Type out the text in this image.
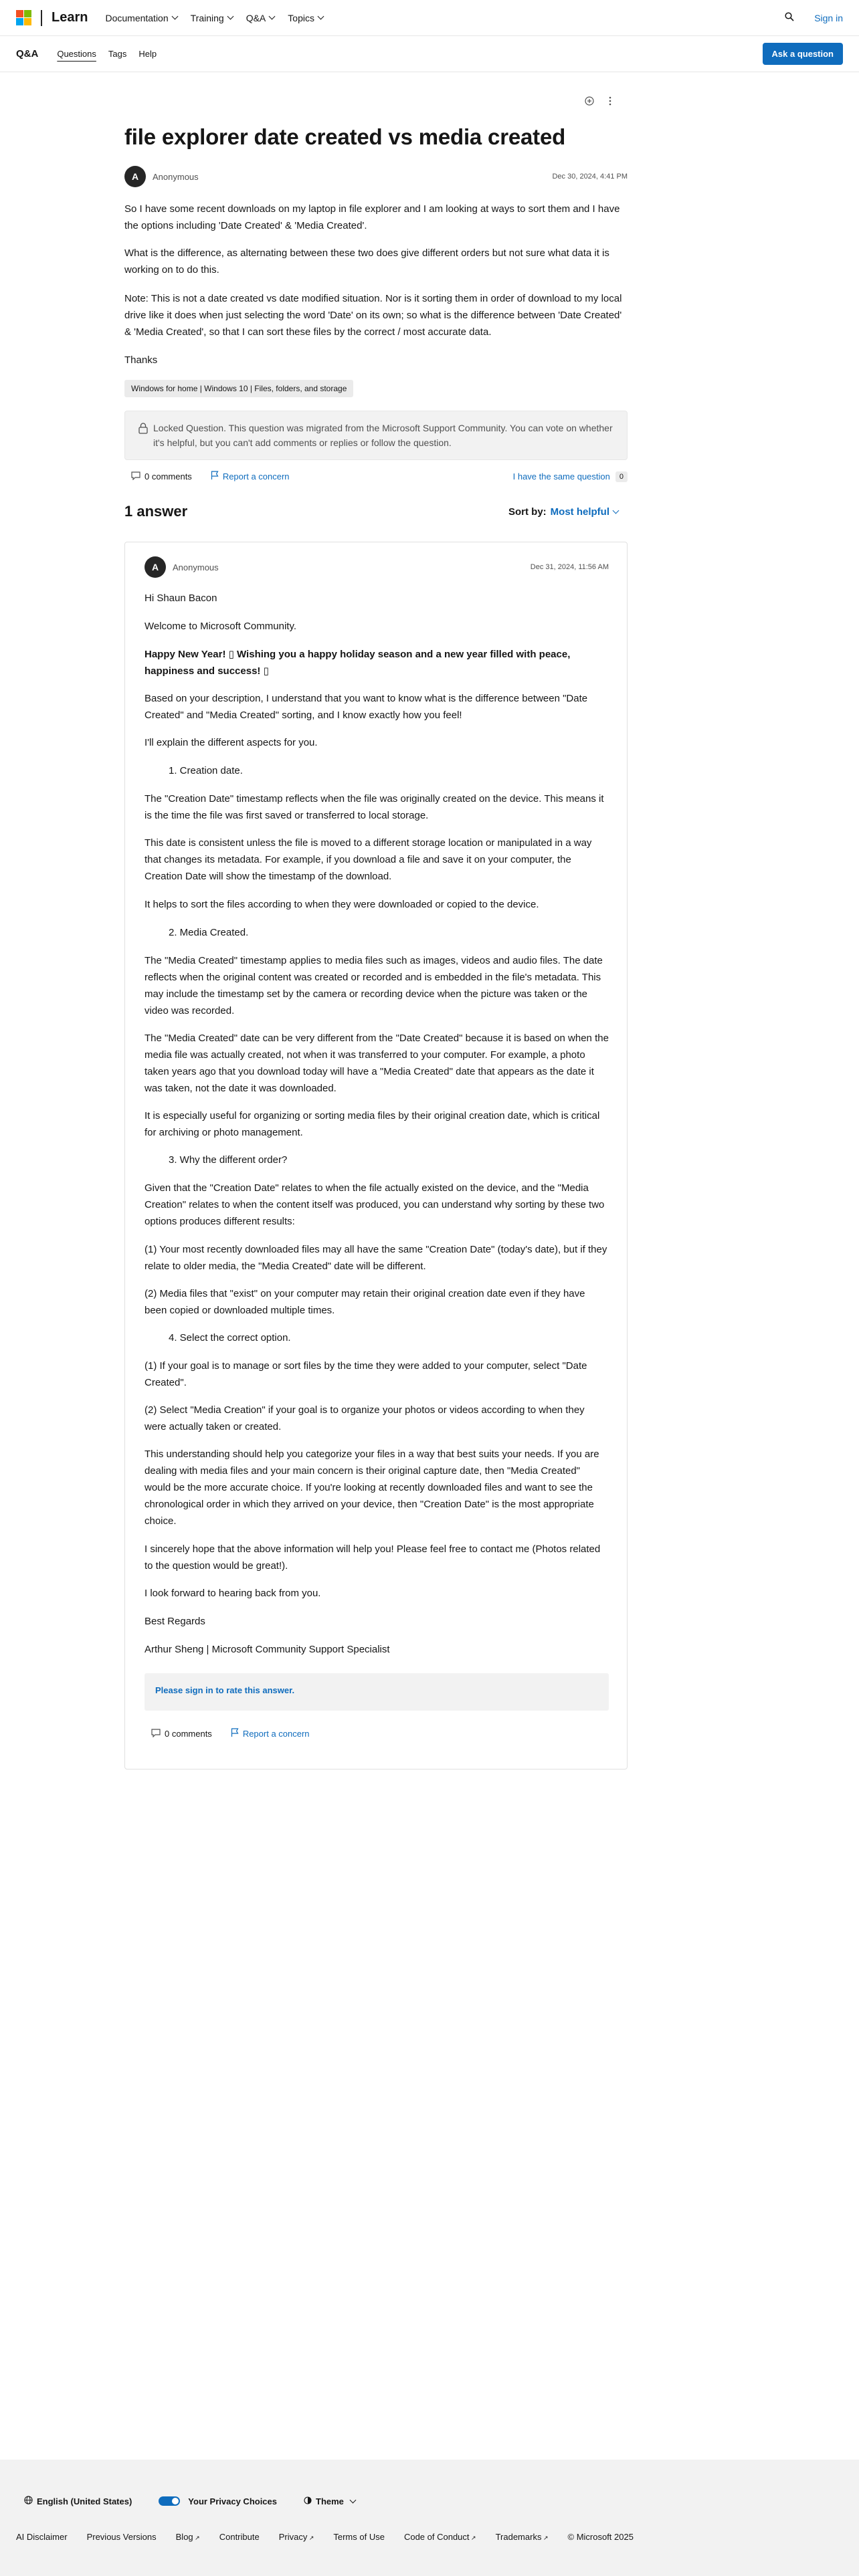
Learn Documentation Training Q&A Topics	Sign in
Q&A Questions Tags Help	Ask a question
file explorer date created vs media created
A	Anonymous	Dec 30, 2024, 4:41 PM

So I have some recent downloads on my laptop in file explorer and I am looking at ways to sort them and I have the options including 'Date Created' & 'Media Created'.

What is the difference, as alternating between these two does give different orders but not sure what data it is working on to do this.

Note: This is not a date created vs date modified situation. Nor is it sorting them in order of download to my local drive like it does when just selecting the word 'Date' on its own; so what is the difference between 'Date Created' & 'Media Created', so that I can sort these files by the correct / most accurate data.

Thanks

Windows for home | Windows 10 | Files, folders, and storage
Locked Question. This question was migrated from the Microsoft Support Community. You can vote on whether it's helpful, but you can't add comments or replies or follow the question.
0 comments	Report a concern	I have the same question	0
1 answer	Sort by: Most helpful
A	Anonymous	Dec 31, 2024, 11:56 AM

Hi Shaun Bacon

Welcome to Microsoft Community.

Happy New Year! ▯ Wishing you a happy holiday season and a new year filled with peace, happiness and success! ▯

Based on your description, I understand that you want to know what is the difference between "Date Created" and "Media Created" sorting, and I know exactly how you feel!

I'll explain the different aspects for you.

1. Creation date.

The "Creation Date" timestamp reflects when the file was originally created on the device. This means it is the time the file was first saved or transferred to local storage.

This date is consistent unless the file is moved to a different storage location or manipulated in a way that changes its metadata. For example, if you download a file and save it on your computer, the Creation Date will show the timestamp of the download.

It helps to sort the files according to when they were downloaded or copied to the device.

2. Media Created.

The "Media Created" timestamp applies to media files such as images, videos and audio files. The date reflects when the original content was created or recorded and is embedded in the file's metadata. This may include the timestamp set by the camera or recording device when the picture was taken or the video was recorded.

The "Media Created" date can be very different from the "Date Created" because it is based on when the media file was actually created, not when it was transferred to your computer. For example, a photo taken years ago that you download today will have a "Media Created" date that appears as the date it was taken, not the date it was downloaded.

It is especially useful for organizing or sorting media files by their original creation date, which is critical for archiving or photo management.

3. Why the different order?

Given that the "Creation Date" relates to when the file actually existed on the device, and the "Media Creation" relates to when the content itself was produced, you can understand why sorting by these two options produces different results:

(1) Your most recently downloaded files may all have the same "Creation Date" (today's date), but if they relate to older media, the "Media Created" date will be different.

(2) Media files that "exist" on your computer may retain their original creation date even if they have been copied or downloaded multiple times.

4. Select the correct option.

(1) If your goal is to manage or sort files by the time they were added to your computer, select "Date Created".

(2) Select "Media Creation" if your goal is to organize your photos or videos according to when they were actually taken or created.

This understanding should help you categorize your files in a way that best suits your needs. If you are dealing with media files and your main concern is their original capture date, then "Media Created" would be the more accurate choice. If you're looking at recently downloaded files and want to see the chronological order in which they arrived on your device, then "Creation Date" is the most appropriate choice.

I sincerely hope that the above information will help you! Please feel free to contact me (Photos related to the question would be great!).

I look forward to hearing back from you.

Best Regards

Arthur Sheng | Microsoft Community Support Specialist

Please sign in to rate this answer.
0 comments	Report a concern
English (United States)	Your Privacy Choices	Theme
AI Disclaimer Previous Versions Blog ↗ Contribute Privacy ↗ Terms of Use Code of Conduct ↗ Trademarks ↗ © Microsoft 2025
